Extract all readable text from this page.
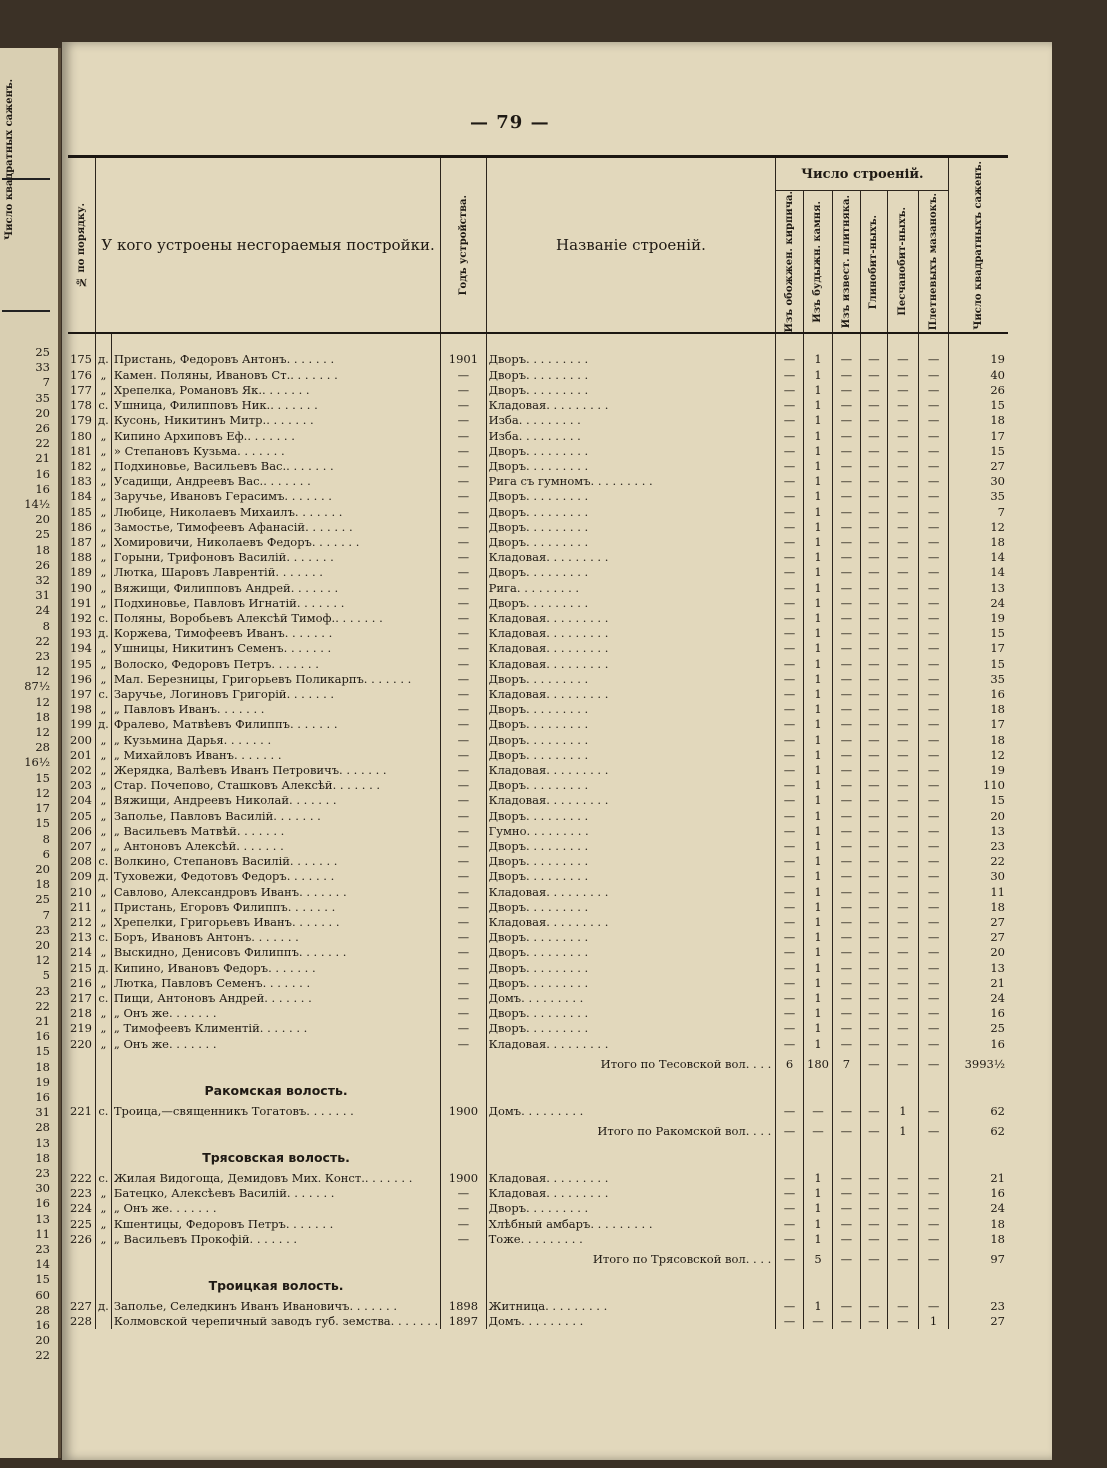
Число квадратных саженъ.
25
33
7
35
20
26
22
21
16
16
14½
20
25
18
26
32
31
24
8
22
23
12
87½
12
18
12
28
16½
15
12
17
15
8
6
20
18
25
7
23
20
12
5
23
22
21
16
15
18
19
16
31
28
13
18
23
30
16
13
11
23
14
15
60
28
16
20
22
— 79 —
№ по порядку.	У кого устроены несгораемыя постройки.		Годъ устройства.	Названіе строеній.	Число строеній.						Число квадратныхъ саженъ.

					Изъ обожжен. кирпича.	Изъ будыжн. камня.	Изъ извест. плитняка.	Глинобит-ныхъ.	Песчанобит-ныхъ.	Плетневыхъ мазанокъ.	

175	д.	Пристань, Федоровъ Антонъ. . . . . . .	1901	Дворъ. . . . . . . . .	—	1	—	—	—	—	19
176	„	Камен. Поляны, Ивановъ Ст.. . . . . . .	—	Дворъ. . . . . . . . .	—	1	—	—	—	—	40
177	„	Хрепелка, Романовъ Як.. . . . . . .	—	Дворъ. . . . . . . . .	—	1	—	—	—	—	26
178	с.	Ушница, Филипповъ Ник.. . . . . . .	—	Кладовая. . . . . . . . .	—	1	—	—	—	—	15
179	д.	Кусонь, Никитинъ Митр.. . . . . . .	—	Изба. . . . . . . . .	—	1	—	—	—	—	18
180	„	Кипино Архиповъ Еф.. . . . . . .	—	Изба. . . . . . . . .	—	1	—	—	—	—	17
181	„	» Степановъ Кузьма. . . . . . .	—	Дворъ. . . . . . . . .	—	1	—	—	—	—	15
182	„	Подхиновье, Васильевъ Вас.. . . . . . .	—	Дворъ. . . . . . . . .	—	1	—	—	—	—	27
183	„	Усадищи, Андреевъ Вас.. . . . . . .	—	Рига съ гумномъ. . . . . . . . .	—	1	—	—	—	—	30
184	„	Заручье, Ивановъ Герасимъ. . . . . . .	—	Дворъ. . . . . . . . .	—	1	—	—	—	—	35
185	„	Любице, Николаевъ Михаилъ. . . . . . .	—	Дворъ. . . . . . . . .	—	1	—	—	—	—	7
186	„	Замостье, Тимофеевъ Афанасій. . . . . . .	—	Дворъ. . . . . . . . .	—	1	—	—	—	—	12
187	„	Хомировичи, Николаевъ Федоръ. . . . . . .	—	Дворъ. . . . . . . . .	—	1	—	—	—	—	18
188	„	Горыни, Трифоновъ Василій. . . . . . .	—	Кладовая. . . . . . . . .	—	1	—	—	—	—	14
189	„	Лютка, Шаровъ Лаврентій. . . . . . .	—	Дворъ. . . . . . . . .	—	1	—	—	—	—	14
190	„	Вяжищи, Филипповъ Андрей. . . . . . .	—	Рига. . . . . . . . .	—	1	—	—	—	—	13
191	„	Подхиновье, Павловъ Игнатій. . . . . . .	—	Дворъ. . . . . . . . .	—	1	—	—	—	—	24
192	с.	Поляны, Воробьевъ Алексѣй Тимоф.. . . . . . .	—	Кладовая. . . . . . . . .	—	1	—	—	—	—	19
193	д.	Коржева, Тимофеевъ Иванъ. . . . . . .	—	Кладовая. . . . . . . . .	—	1	—	—	—	—	15
194	„	Ушницы, Никитинъ Семенъ. . . . . . .	—	Кладовая. . . . . . . . .	—	1	—	—	—	—	17
195	„	Волоско, Федоровъ Петръ. . . . . . .	—	Кладовая. . . . . . . . .	—	1	—	—	—	—	15
196	„	Мал. Березницы, Григорьевъ Поликарпъ. . . . . . .	—	Дворъ. . . . . . . . .	—	1	—	—	—	—	35
197	с.	Заручье, Логиновъ Григорій. . . . . . .	—	Кладовая. . . . . . . . .	—	1	—	—	—	—	16
198	„	„ Павловъ Иванъ. . . . . . .	—	Дворъ. . . . . . . . .	—	1	—	—	—	—	18
199	д.	Фралево, Матвѣевъ Филиппъ. . . . . . .	—	Дворъ. . . . . . . . .	—	1	—	—	—	—	17
200	„	„ Кузьмина Дарья. . . . . . .	—	Дворъ. . . . . . . . .	—	1	—	—	—	—	18
201	„	„ Михайловъ Иванъ. . . . . . .	—	Дворъ. . . . . . . . .	—	1	—	—	—	—	12
202	„	Жерядка, Валѣевъ Иванъ Петровичъ. . . . . . .	—	Кладовая. . . . . . . . .	—	1	—	—	—	—	19
203	„	Стар. Почепово, Сташковъ Алексѣй. . . . . . .	—	Дворъ. . . . . . . . .	—	1	—	—	—	—	110
204	„	Вяжищи, Андреевъ Николай. . . . . . .	—	Кладовая. . . . . . . . .	—	1	—	—	—	—	15
205	„	Заполье, Павловъ Василій. . . . . . .	—	Дворъ. . . . . . . . .	—	1	—	—	—	—	20
206	„	„ Васильевъ Матвѣй. . . . . . .	—	Гумно. . . . . . . . .	—	1	—	—	—	—	13
207	„	„ Антоновъ Алексѣй. . . . . . .	—	Дворъ. . . . . . . . .	—	1	—	—	—	—	23
208	с.	Волкино, Степановъ Василій. . . . . . .	—	Дворъ. . . . . . . . .	—	1	—	—	—	—	22
209	д.	Туховежи, Федотовъ Федоръ. . . . . . .	—	Дворъ. . . . . . . . .	—	1	—	—	—	—	30
210	„	Савлово, Александровъ Иванъ. . . . . . .	—	Кладовая. . . . . . . . .	—	1	—	—	—	—	11
211	„	Пристань, Егоровъ Филиппъ. . . . . . .	—	Дворъ. . . . . . . . .	—	1	—	—	—	—	18
212	„	Хрепелки, Григорьевъ Иванъ. . . . . . .	—	Кладовая. . . . . . . . .	—	1	—	—	—	—	27
213	с.	Боръ, Ивановъ Антонъ. . . . . . .	—	Дворъ. . . . . . . . .	—	1	—	—	—	—	27
214	„	Выскидно, Денисовъ Филиппъ. . . . . . .	—	Дворъ. . . . . . . . .	—	1	—	—	—	—	20
215	д.	Кипино, Ивановъ Федоръ. . . . . . .	—	Дворъ. . . . . . . . .	—	1	—	—	—	—	13
216	„	Лютка, Павловъ Семенъ. . . . . . .	—	Дворъ. . . . . . . . .	—	1	—	—	—	—	21
217	с.	Пищи, Антоновъ Андрей. . . . . . .	—	Домъ. . . . . . . . .	—	1	—	—	—	—	24
218	„	„ Онъ же. . . . . . .	—	Дворъ. . . . . . . . .	—	1	—	—	—	—	16
219	„	„ Тимофеевъ Климентій. . . . . . .	—	Дворъ. . . . . . . . .	—	1	—	—	—	—	25
220	„	„ Онъ же. . . . . . .	—	Кладовая. . . . . . . . .	—	1	—	—	—	—	16
				Итого по Тесовской вол. . . .	6	180	7	—	—	—	3993½
		Ракомская волость.									
221	с.	Троица,—священникъ Тогатовъ. . . . . . .	1900	Домъ. . . . . . . . .	—	—	—	—	1	—	62
				Итого по Ракомской вол. . . .	—	—	—	—	1	—	62
		Трясовская волость.									
222	с.	Жилая Видогоща, Демидовъ Мих. Конст.. . . . . . .	1900	Кладовая. . . . . . . . .	—	1	—	—	—	—	21
223	„	Батецко, Алексѣевъ Василій. . . . . . .	—	Кладовая. . . . . . . . .	—	1	—	—	—	—	16
224	„	„ Онъ же. . . . . . .	—	Дворъ. . . . . . . . .	—	1	—	—	—	—	24
225	„	Кшентицы, Федоровъ Петръ. . . . . . .	—	Хлѣбный амбаръ. . . . . . . . .	—	1	—	—	—	—	18
226	„	„ Васильевъ Прокофій. . . . . . .	—	Тоже. . . . . . . . .	—	1	—	—	—	—	18
				Итого по Трясовской вол. . . .	—	5	—	—	—	—	97
		Троицкая волость.									
227	д.	Заполье, Селедкинъ Иванъ Ивановичъ. . . . . . .	1898	Житница. . . . . . . . .	—	1	—	—	—	—	23
228		Колмовской черепичный заводъ губ. земства. . . . . . .	1897	Домъ. . . . . . . . .	—	—	—	—	—	1	27
